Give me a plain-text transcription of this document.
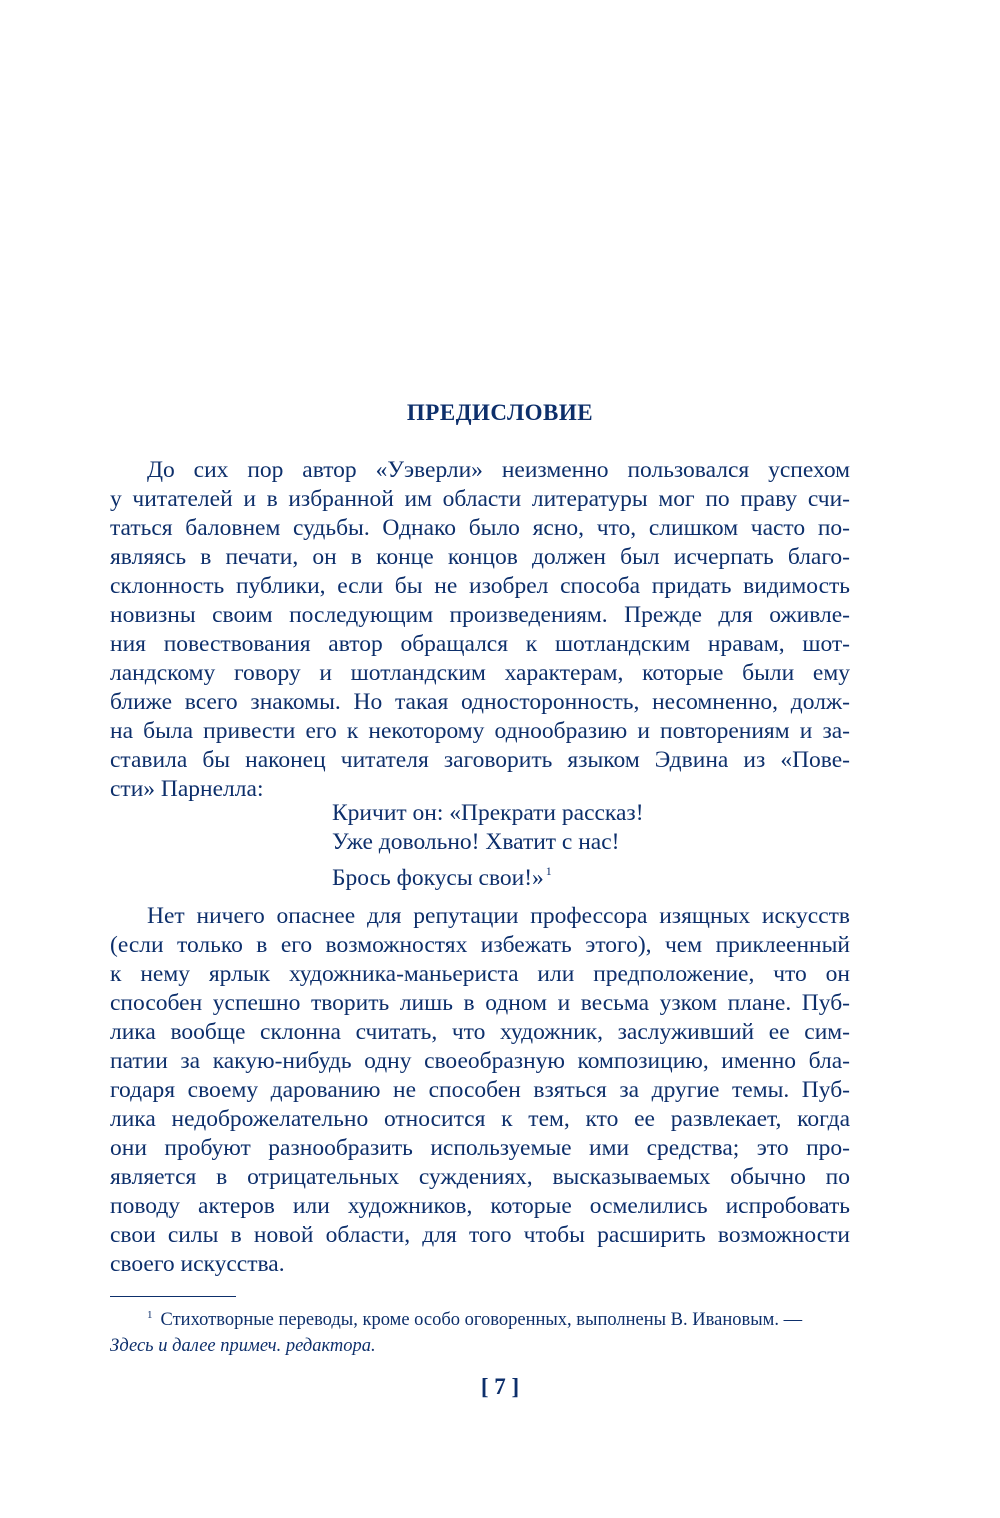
ПРЕДИСЛОВИЕ
До сих пор автор «Уэверли» неизменно пользовался успехом
у читателей и в избранной им области литературы мог по праву счи-
таться баловнем судьбы. Однако было ясно, что, слишком часто по-
являясь в печати, он в конце концов должен был исчерпать благо-
склонность публики, если бы не изобрел способа придать видимость
новизны своим последующим произведениям. Прежде для оживле-
ния повествования автор обращался к шотландским нравам, шот-
ландскому говору и шотландским характерам, которые были ему
ближе всего знакомы. Но такая односторонность, несомненно, долж-
на была привести его к некоторому однообразию и повторениям и за-
ставила бы наконец читателя заговорить языком Эдвина из «Пове-
сти» Парнелла:
Кричит он: «Прекрати рассказ!
Уже довольно! Хватит с нас!
Брось фокусы свои!» $^1$
Нет ничего опаснее для репутации профессора изящных искусств
(если только в его возможностях избежать этого), чем приклеенный
к нему ярлык художника-маньериста или предположение, что он
способен успешно творить лишь в одном и весьма узком плане. Пуб-
лика вообще склонна считать, что художник, заслуживший ее сим-
патии за какую-нибудь одну своеобразную композицию, именно бла-
годаря своему дарованию не способен взяться за другие темы. Пуб-
лика недоброжелательно относится к тем, кто ее развлекает, когда
они пробуют разнообразить используемые ими средства; это про-
является в отрицательных суждениях, высказываемых обычно по
поводу актеров или художников, которые осмелились испробовать
свои силы в новой области, для того чтобы расширить возможности
своего искусства.
$^1$ Стихотворные переводы, кроме особо оговоренных, выполнены В. Ивановым. —
Здесь и далее примеч. редактора.
[ 7 ]
